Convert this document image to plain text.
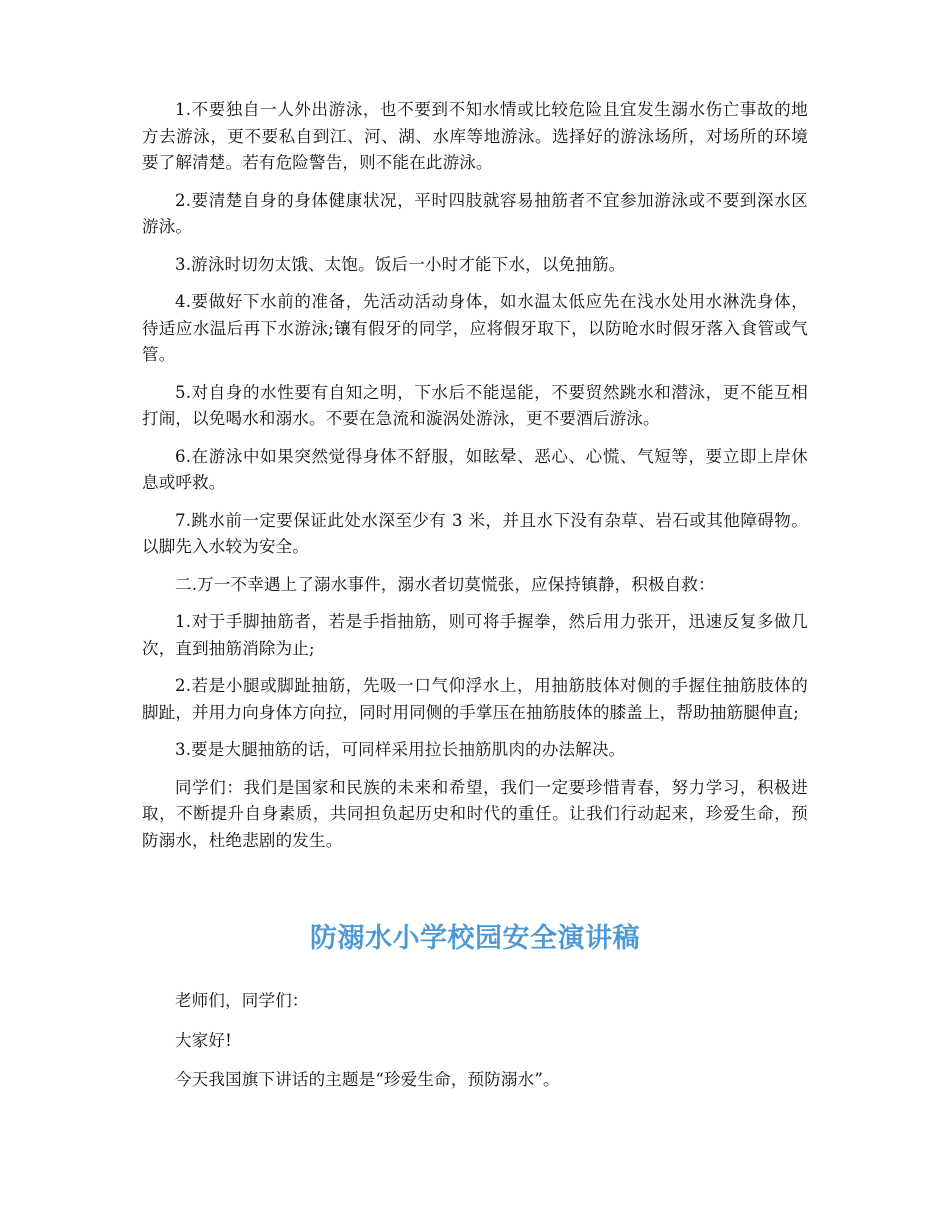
1.不要独自一人外出游泳，也不要到不知水情或比较危险且宜发生溺水伤亡事故的地方去游泳，更不要私自到江、河、湖、水库等地游泳。选择好的游泳场所，对场所的环境要了解清楚。若有危险警告，则不能在此游泳。

2.要清楚自身的身体健康状况，平时四肢就容易抽筋者不宜参加游泳或不要到深水区游泳。

3.游泳时切勿太饿、太饱。饭后一小时才能下水，以免抽筋。

4.要做好下水前的准备，先活动活动身体，如水温太低应先在浅水处用水淋洗身体，待适应水温后再下水游泳;镶有假牙的同学，应将假牙取下，以防呛水时假牙落入食管或气管。

5.对自身的水性要有自知之明，下水后不能逞能，不要贸然跳水和潜泳，更不能互相打闹，以免喝水和溺水。不要在急流和漩涡处游泳，更不要酒后游泳。

6.在游泳中如果突然觉得身体不舒服，如眩晕、恶心、心慌、气短等，要立即上岸休息或呼救。

7.跳水前一定要保证此处水深至少有 3 米，并且水下没有杂草、岩石或其他障碍物。以脚先入水较为安全。

二.万一不幸遇上了溺水事件，溺水者切莫慌张，应保持镇静，积极自救：

1.对于手脚抽筋者，若是手指抽筋，则可将手握拳，然后用力张开，迅速反复多做几次，直到抽筋消除为止;

2.若是小腿或脚趾抽筋，先吸一口气仰浮水上，用抽筋肢体对侧的手握住抽筋肢体的脚趾，并用力向身体方向拉，同时用同侧的手掌压在抽筋肢体的膝盖上，帮助抽筋腿伸直;

3.要是大腿抽筋的话，可同样采用拉长抽筋肌肉的办法解决。

同学们：我们是国家和民族的未来和希望，我们一定要珍惜青春，努力学习，积极进取，不断提升自身素质，共同担负起历史和时代的重任。让我们行动起来，珍爱生命，预防溺水，杜绝悲剧的发生。

防溺水小学校园安全演讲稿

老师们，同学们：

大家好!

今天我国旗下讲话的主题是“珍爱生命，预防溺水”。
